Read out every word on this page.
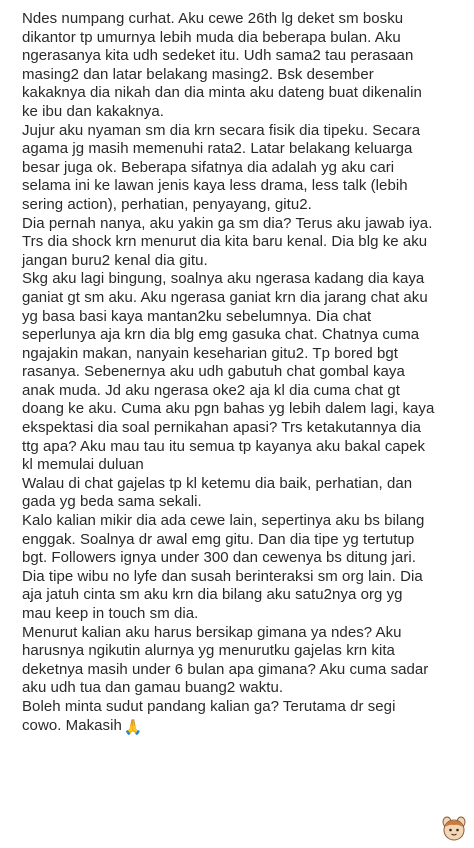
Ndes numpang curhat. Aku cewe 26th lg deket sm bosku
dikantor tp umurnya lebih muda dia beberapa bulan. Aku
ngerasanya kita udh sedeket itu. Udh sama2 tau perasaan
masing2 dan latar belakang masing2. Bsk desember
kakaknya dia nikah dan dia minta aku dateng buat dikenalin
ke ibu dan kakaknya.
Jujur aku nyaman sm dia krn secara fisik dia tipeku. Secara
agama jg masih memenuhi rata2. Latar belakang keluarga
besar juga ok. Beberapa sifatnya dia adalah yg aku cari
selama ini ke lawan jenis kaya less drama, less talk (lebih
sering action), perhatian, penyayang, gitu2.
Dia pernah nanya, aku yakin ga sm dia? Terus aku jawab iya.
Trs dia shock krn menurut dia kita baru kenal. Dia blg ke aku
jangan buru2 kenal dia gitu.
Skg aku lagi bingung, soalnya aku ngerasa kadang dia kaya
ganiat gt sm aku. Aku ngerasa ganiat krn dia jarang chat aku
yg basa basi kaya mantan2ku sebelumnya. Dia chat
seperlunya aja krn dia blg emg gasuka chat. Chatnya cuma
ngajakin makan, nanyain keseharian gitu2. Tp bored bgt
rasanya. Sebenernya aku udh gabutuh chat gombal kaya
anak muda. Jd aku ngerasa oke2 aja kl dia cuma chat gt
doang ke aku. Cuma aku pgn bahas yg lebih dalem lagi, kaya
ekspektasi dia soal pernikahan apasi? Trs ketakutannya dia
ttg apa? Aku mau tau itu semua tp kayanya aku bakal capek
kl memulai duluan
Walau di chat gajelas tp kl ketemu dia baik, perhatian, dan
gada yg beda sama sekali.
Kalo kalian mikir dia ada cewe lain, sepertinya aku bs bilang
enggak. Soalnya dr awal emg gitu. Dan dia tipe yg tertutup
bgt. Followers ignya under 300 dan cewenya bs ditung jari.
Dia tipe wibu no lyfe dan susah berinteraksi sm org lain. Dia
aja jatuh cinta sm aku krn dia bilang aku satu2nya org yg
mau keep in touch sm dia.
Menurut kalian aku harus bersikap gimana ya ndes? Aku
harusnya ngikutin alurnya yg menurutku gajelas krn kita
deketnya masih under 6 bulan apa gimana? Aku cuma sadar
aku udh tua dan gamau buang2 waktu.
Boleh minta sudut pandang kalian ga? Terutama dr segi
cowo. Makasih 🙏
